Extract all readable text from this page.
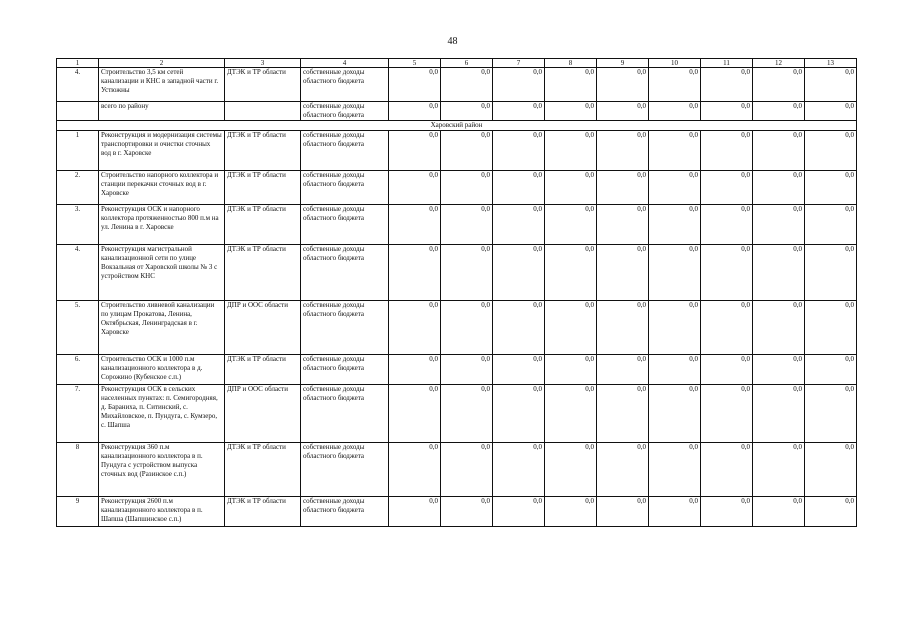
48
1	2	3	4	5	6	7	8	9	10	11	12	13
4.	Строительство 3,5 км сетей канализации и КНС в западной части г. Устюжны	ДТЭК и ТР области	собственные доходы областного бюджета	0,0	0,0	0,0	0,0	0,0	0,0	0,0	0,0	0,0
	всего по району		собственные доходы областного бюджета	0,0	0,0	0,0	0,0	0,0	0,0	0,0	0,0	0,0
Харовский район												
1	Реконструкция и модернизация системы транспортировки и очистки сточных вод в г. Харовске	ДТЭК и ТР области	собственные доходы областного бюджета	0,0	0,0	0,0	0,0	0,0	0,0	0,0	0,0	0,0
2.	Строительство напорного коллектора и станции перекачки сточных вод в г. Харовске	ДТЭК и ТР области	собственные доходы областного бюджета	0,0	0,0	0,0	0,0	0,0	0,0	0,0	0,0	0,0
3.	Реконструкция ОСК и напорного коллектора протяженностью 800 п.м на ул. Ленина в г. Харовске	ДТЭК и ТР области	собственные доходы областного бюджета	0,0	0,0	0,0	0,0	0,0	0,0	0,0	0,0	0,0
4.	Реконструкция магистральной канализационной сети по улице Вокзальная от Харовской школы № 3 с устройством КНС	ДТЭК и ТР области	собственные доходы областного бюджета	0,0	0,0	0,0	0,0	0,0	0,0	0,0	0,0	0,0
5.	Строительство ливневой канализации по улицам Прокатова, Ленина, Октябрьская, Ленинградская в г. Харовске	ДПР и ООС области	собственные доходы областного бюджета	0,0	0,0	0,0	0,0	0,0	0,0	0,0	0,0	0,0
6.	Строительство ОСК и 1000 п.м канализационного коллектора в д. Сорожино (Кубенское с.п.)	ДТЭК и ТР области	собственные доходы областного бюджета	0,0	0,0	0,0	0,0	0,0	0,0	0,0	0,0	0,0
7.	Реконструкция ОСК в сельских населенных пунктах: п. Семигородняя, д. Бараниха, п. Ситинский, с. Михайловское, п. Пундуга, с. Кумзеро, с. Шапша	ДПР и ООС области	собственные доходы областного бюджета	0,0	0,0	0,0	0,0	0,0	0,0	0,0	0,0	0,0
8	Реконструкция 360 п.м канализационного коллектора в п. Пундуга с устройством выпуска сточных вод (Разинское с.п.)	ДТЭК и ТР области	собственные доходы областного бюджета	0,0	0,0	0,0	0,0	0,0	0,0	0,0	0,0	0,0
9	Реконструкция 2600 п.м канализационного коллектора в п. Шапша (Шапшинское с.п.)	ДТЭК и ТР области	собственные доходы областного бюджета	0,0	0,0	0,0	0,0	0,0	0,0	0,0	0,0	0,0
